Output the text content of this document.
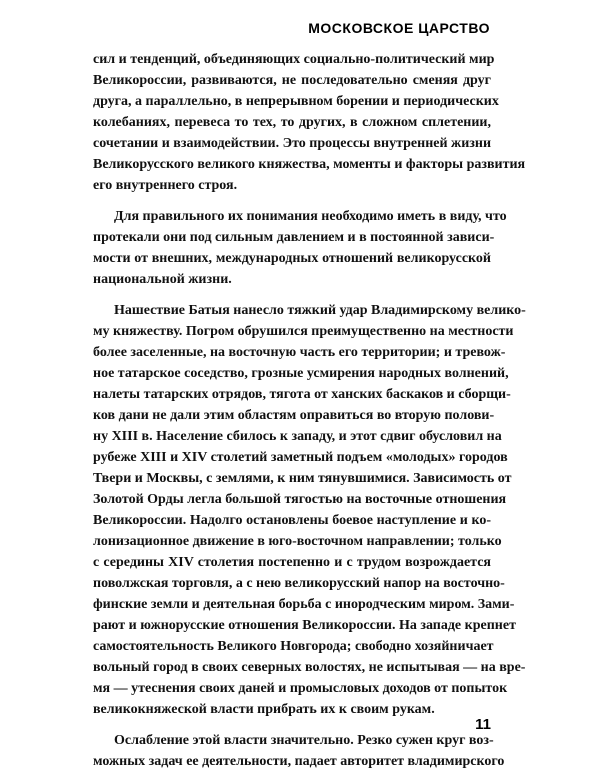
МОСКОВСКОЕ ЦАРСТВО
сил и тенденций, объединяющих социально-политический мир
Великороссии, развиваются, не последовательно сменяя друг
друга, а параллельно, в непрерывном борении и периодических
колебаниях, перевеса то тех, то других, в сложном сплетении,
сочетании и взаимодействии. Это процессы внутренней жизни
Великорусского великого княжества, моменты и факторы развития
его внутреннего строя.
Для правильного их понимания необходимо иметь в виду, что
протекали они под сильным давлением и в постоянной зависи-
мости от внешних, международных отношений великорусской
национальной жизни.
Нашествие Батыя нанесло тяжкий удар Владимирскому велико-
му княжеству. Погром обрушился преимущественно на местности
более заселенные, на восточную часть его территории; и тревож-
ное татарское соседство, грозные усмирения народных волнений,
налеты татарских отрядов, тягота от ханских баскаков и сборщи-
ков дани не дали этим областям оправиться во вторую полови-
ну XIII в. Население сбилось к западу, и этот сдвиг обусловил на
рубеже XIII и XIV столетий заметный подъем «молодых» городов
Твери и Москвы, с землями, к ним тянувшимися. Зависимость от
Золотой Орды легла большой тягостью на восточные отношения
Великороссии. Надолго остановлены боевое наступление и ко-
лонизационное движение в юго-восточном направлении; только
с середины XIV столетия постепенно и с трудом возрождается
поволжская торговля, а с нею великорусский напор на восточно-
финские земли и деятельная борьба с инородческим миром. Зами-
рают и южнорусские отношения Великороссии. На западе крепнет
самостоятельность Великого Новгорода; свободно хозяйничает
вольный город в своих северных волостях, не испытывая — на вре-
мя — утеснения своих даней и промысловых доходов от попыток
великокняжеской власти прибрать их к своим рукам.
Ослабление этой власти значительно. Резко сужен круг воз-
можных задач ее деятельности, падает авторитет владимирского
11
